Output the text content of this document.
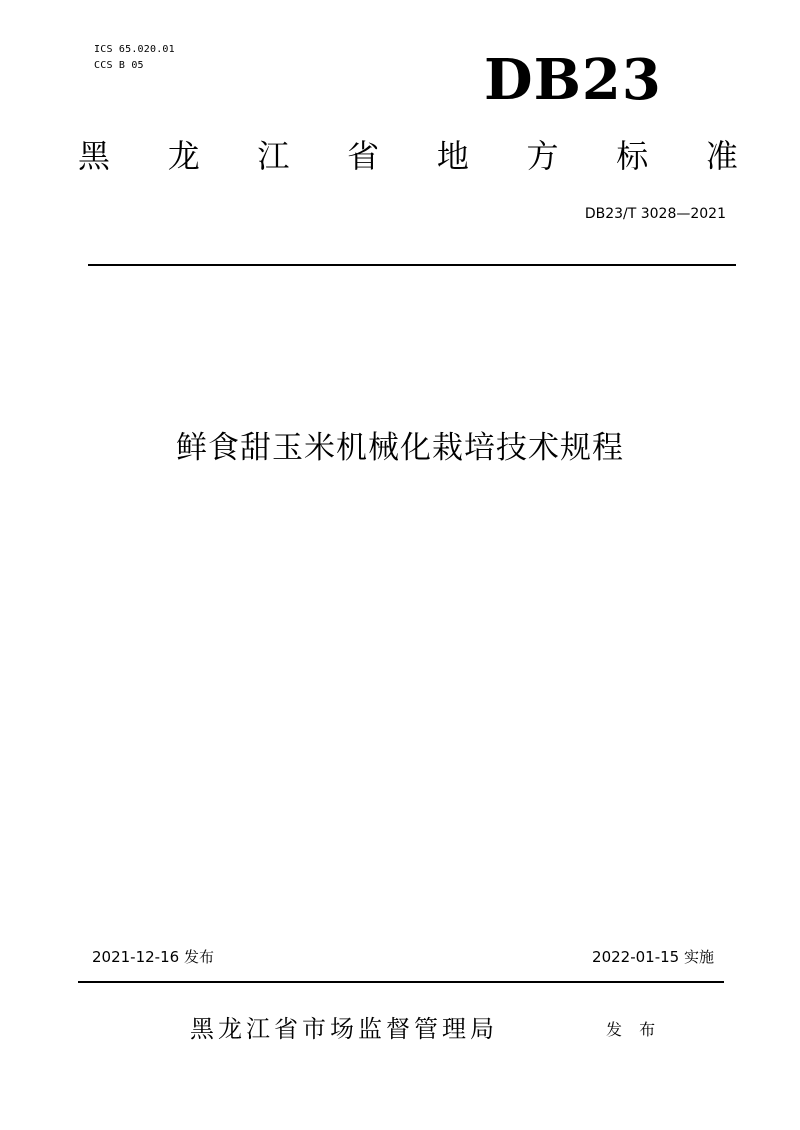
ICS 65.020.01
CCS B 05	DB23
黑 龙 江 省 地 方 标 准
DB23/T 3028—2021
鲜食甜玉米机械化栽培技术规程
2021-12-16 发布	2022-01-15 实施
黑龙江省市场监督管理局	发 布
